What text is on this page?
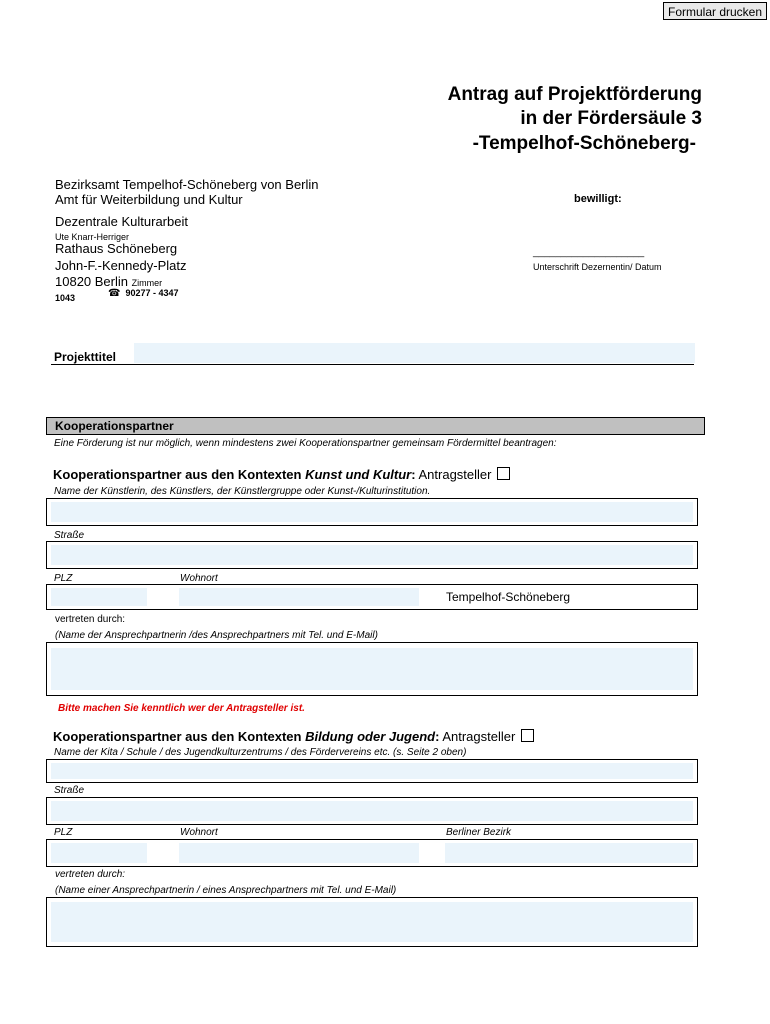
Formular drucken
Antrag auf Projektförderung
in der Fördersäule 3
-Tempelhof-Schöneberg-
Bezirksamt Tempelhof-Schöneberg von Berlin
Amt für Weiterbildung und Kultur
Dezentrale Kulturarbeit
Ute Knarr-Herriger
Rathaus Schöneberg
John-F.-Kennedy-Platz
10820 Berlin Zimmer
1043	☎ 90277 - 4347
bewilligt:
____________________
Unterschrift Dezernentin/ Datum
Projekttitel
Kooperationspartner
Eine Förderung ist nur möglich, wenn mindestens zwei Kooperationspartner gemeinsam Fördermittel beantragen:
Kooperationspartner aus den Kontexten Kunst und Kultur: Antragsteller
Name der Künstlerin, des Künstlers, der Künstlergruppe oder Kunst-/Kulturinstitution.
Straße
PLZ	Wohnort
Tempelhof-Schöneberg
vertreten durch:
(Name der Ansprechpartnerin /des Ansprechpartners mit Tel. und E-Mail)
Bitte machen Sie kenntlich wer der Antragsteller ist.
Kooperationspartner aus den Kontexten Bildung oder Jugend: Antragsteller
Name der Kita / Schule / des Jugendkulturzentrums / des Fördervereins etc. (s. Seite 2 oben)
Straße
PLZ	Wohnort	Berliner Bezirk
vertreten durch:
(Name einer Ansprechpartnerin / eines Ansprechpartners mit Tel. und E-Mail)
